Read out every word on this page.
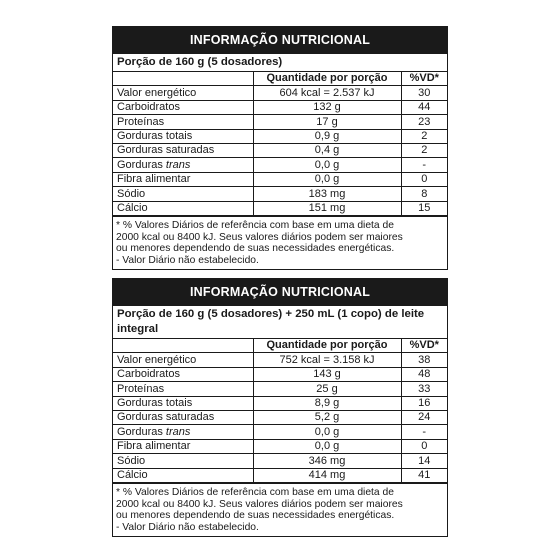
INFORMAÇÃO NUTRICIONAL
Porção de 160 g (5 dosadores)
	Quantidade por porção	%VD*
Valor energético	604 kcal = 2.537 kJ	30
Carboidratos	132 g	44
Proteínas	17 g	23
Gorduras totais	0,9 g	2
Gorduras saturadas	0,4 g	2
Gorduras trans	0,0 g	-
Fibra alimentar	0,0 g	0
Sódio	183 mg	8
Cálcio	151 mg	15
* % Valores Diários de referência com base em uma dieta de
2000 kcal ou 8400 kJ. Seus valores diários podem ser maiores
ou menores dependendo de suas necessidades energéticas.
- Valor Diário não estabelecido.
INFORMAÇÃO NUTRICIONAL
Porção de 160 g (5 dosadores) + 250 mL (1 copo) de leite integral
	Quantidade por porção	%VD*
Valor energético	752 kcal = 3.158 kJ	38
Carboidratos	143 g	48
Proteínas	25 g	33
Gorduras totais	8,9 g	16
Gorduras saturadas	5,2 g	24
Gorduras trans	0,0 g	-
Fibra alimentar	0,0 g	0
Sódio	346 mg	14
Cálcio	414 mg	41
* % Valores Diários de referência com base em uma dieta de
2000 kcal ou 8400 kJ. Seus valores diários podem ser maiores
ou menores dependendo de suas necessidades energéticas.
- Valor Diário não estabelecido.
